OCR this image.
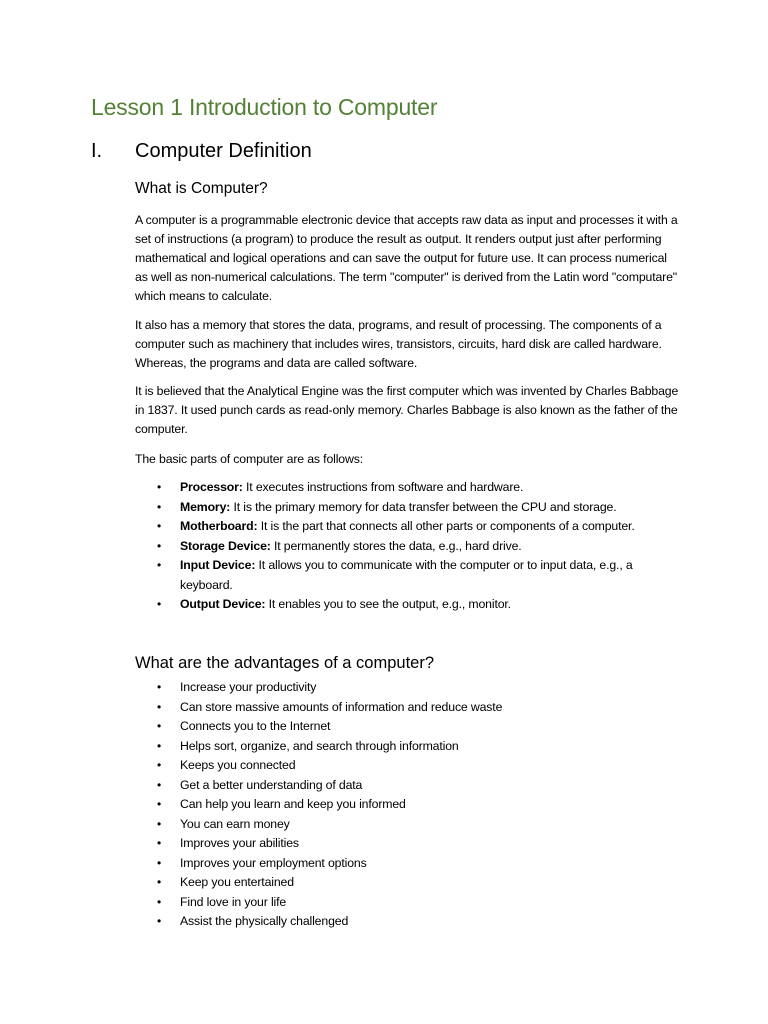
Lesson 1 Introduction to Computer
I.	Computer Definition
What is Computer?

A computer is a programmable electronic device that accepts raw data as input and processes it with a set of instructions (a program) to produce the result as output. It renders output just after performing mathematical and logical operations and can save the output for future use. It can process numerical as well as non-numerical calculations. The term "computer" is derived from the Latin word "computare" which means to calculate.

It also has a memory that stores the data, programs, and result of processing. The components of a computer such as machinery that includes wires, transistors, circuits, hard disk are called hardware. Whereas, the programs and data are called software.

It is believed that the Analytical Engine was the first computer which was invented by Charles Babbage in 1837. It used punch cards as read-only memory. Charles Babbage is also known as the father of the computer.

The basic parts of computer are as follows:

• Processor: It executes instructions from software and hardware.
• Memory: It is the primary memory for data transfer between the CPU and storage.
• Motherboard: It is the part that connects all other parts or components of a computer.
• Storage Device: It permanently stores the data, e.g., hard drive.
• Input Device: It allows you to communicate with the computer or to input data, e.g., a keyboard.
• Output Device: It enables you to see the output, e.g., monitor.
What are the advantages of a computer?
• Increase your productivity
• Can store massive amounts of information and reduce waste
• Connects you to the Internet
• Helps sort, organize, and search through information
• Keeps you connected
• Get a better understanding of data
• Can help you learn and keep you informed
• You can earn money
• Improves your abilities
• Improves your employment options
• Keep you entertained
• Find love in your life
• Assist the physically challenged
